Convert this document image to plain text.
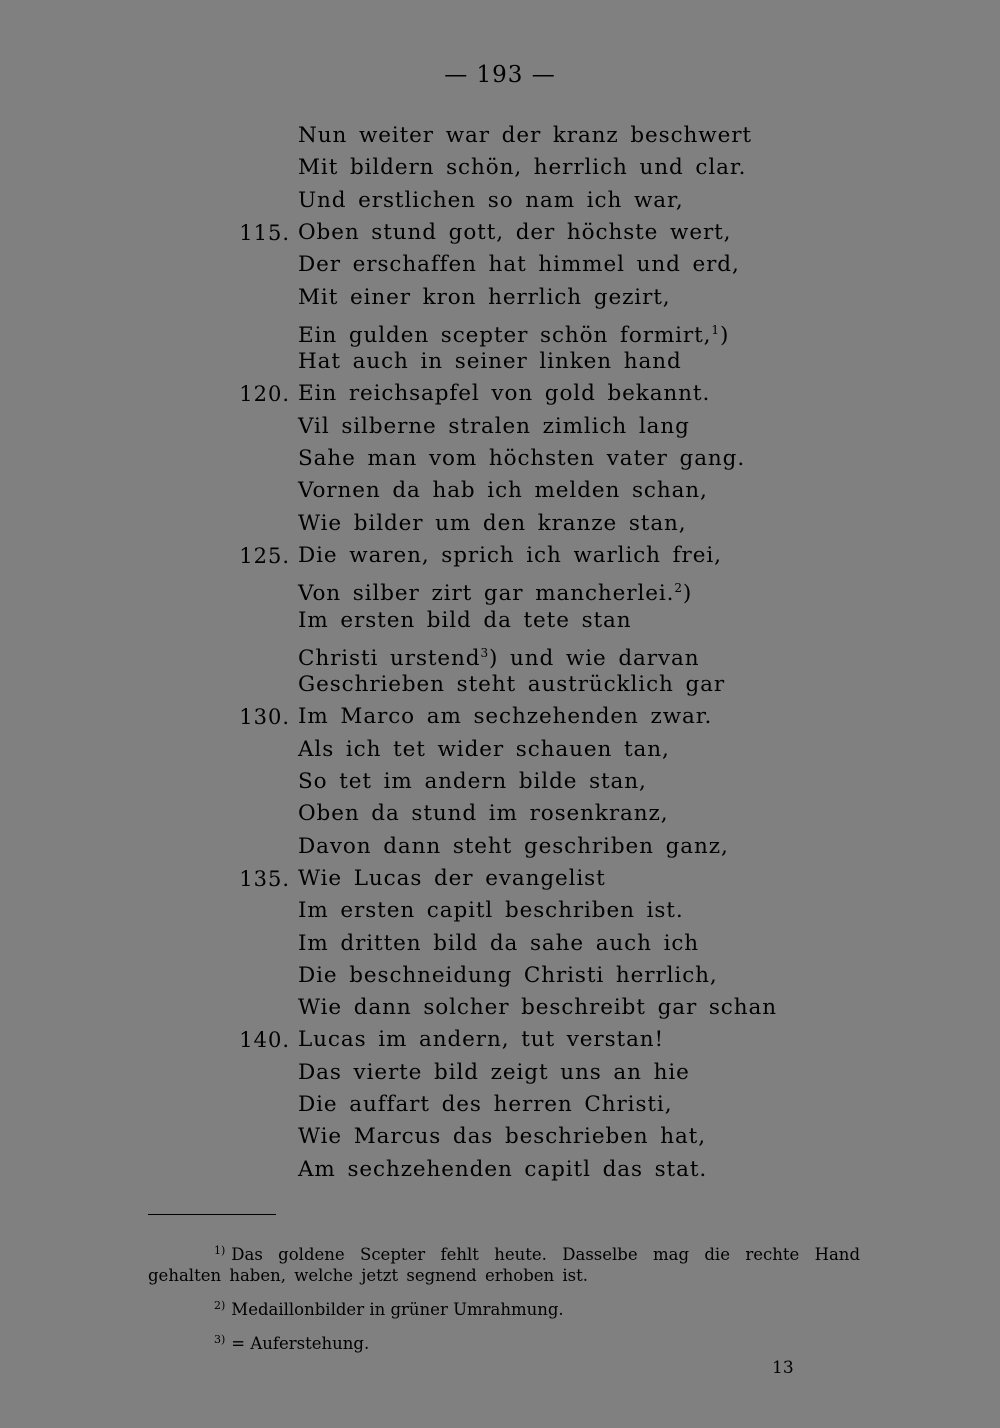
— 193 —
Nun weiter war der kranz beschwert
Mit bildern schön, herrlich und clar.
Und erstlichen so nam ich war,
115. Oben stund gott, der höchste wert,
Der erschaffen hat himmel und erd,
Mit einer kron herrlich gezirt,
Ein gulden scepter schön formirt,$^1$)
Hat auch in seiner linken hand
120. Ein reichsapfel von gold bekannt.
Vil silberne stralen zimlich lang
Sahe man vom höchsten vater gang.
Vornen da hab ich melden schan,
Wie bilder um den kranze stan,
125. Die waren, sprich ich warlich frei,
Von silber zirt gar mancherlei.$^2$)
Im ersten bild da tete stan
Christi urstend$^3$) und wie darvan
Geschrieben steht austrücklich gar
130. Im Marco am sechzehenden zwar.
Als ich tet wider schauen tan,
So tet im andern bilde stan,
Oben da stund im rosenkranz,
Davon dann steht geschriben ganz,
135. Wie Lucas der evangelist
Im ersten capitl beschriben ist.
Im dritten bild da sahe auch ich
Die beschneidung Christi herrlich,
Wie dann solcher beschreibt gar schan
140. Lucas im andern, tut verstan!
Das vierte bild zeigt uns an hie
Die auffart des herren Christi,
Wie Marcus das beschrieben hat,
Am sechzehenden capitl das stat.

$^{1)}$ Das goldene Scepter fehlt heute. Dasselbe mag die rechte Hand gehalten haben, welche jetzt segnend erhoben ist.

$^{2)}$ Medaillonbilder in grüner Umrahmung.

$^{3)}$ = Auferstehung.

13
